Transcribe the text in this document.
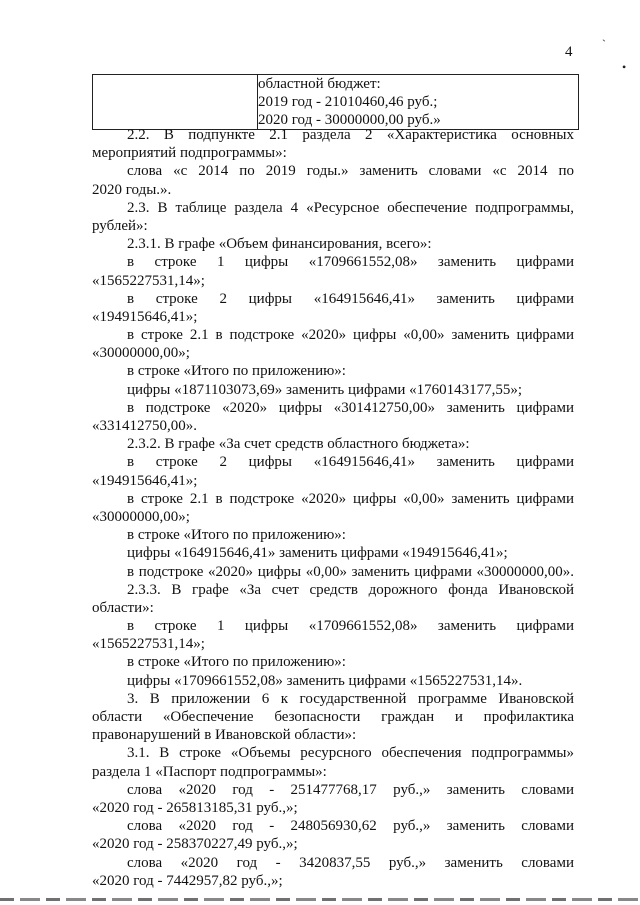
ˎ
•
4

областной бюджет:
2019 год - 21010460,46 руб.;
2020 год - 30000000,00 руб.»
2.2. В подпункте 2.1 раздела 2 «Характеристика основных
мероприятий подпрограммы»:
слова «с 2014 по 2019 годы.» заменить словами «с 2014 по
2020 годы.».
2.3. В таблице раздела 4 «Ресурсное обеспечение подпрограммы,
рублей»:
2.3.1. В графе «Объем финансирования, всего»:
в строке 1 цифры «1709661552,08» заменить цифрами
«1565227531,14»;
в строке 2 цифры «164915646,41» заменить цифрами
«194915646,41»;
в строке 2.1 в подстроке «2020» цифры «0,00» заменить цифрами
«30000000,00»;
в строке «Итого по приложению»:
цифры «1871103073,69» заменить цифрами «1760143177,55»;
в подстроке «2020» цифры «301412750,00» заменить цифрами
«331412750,00».
2.3.2. В графе «За счет средств областного бюджета»:
в строке 2 цифры «164915646,41» заменить цифрами
«194915646,41»;
в строке 2.1 в подстроке «2020» цифры «0,00» заменить цифрами
«30000000,00»;
в строке «Итого по приложению»:
цифры «164915646,41» заменить цифрами «194915646,41»;
в подстроке «2020» цифры «0,00» заменить цифрами «30000000,00».
2.3.3. В графе «За счет средств дорожного фонда Ивановской
области»:
в строке 1 цифры «1709661552,08» заменить цифрами
«1565227531,14»;
в строке «Итого по приложению»:
цифры «1709661552,08» заменить цифрами «1565227531,14».
3. В приложении 6 к государственной программе Ивановской
области «Обеспечение безопасности граждан и профилактика
правонарушений в Ивановской области»:
3.1. В строке «Объемы ресурсного обеспечения подпрограммы»
раздела 1 «Паспорт подпрограммы»:
слова «2020 год - 251477768,17 руб.,» заменить словами
«2020 год - 265813185,31 руб.,»;
слова «2020 год - 248056930,62 руб.,» заменить словами
«2020 год - 258370227,49 руб.,»;
слова «2020 год - 3420837,55 руб.,» заменить словами
«2020 год - 7442957,82 руб.,»;
